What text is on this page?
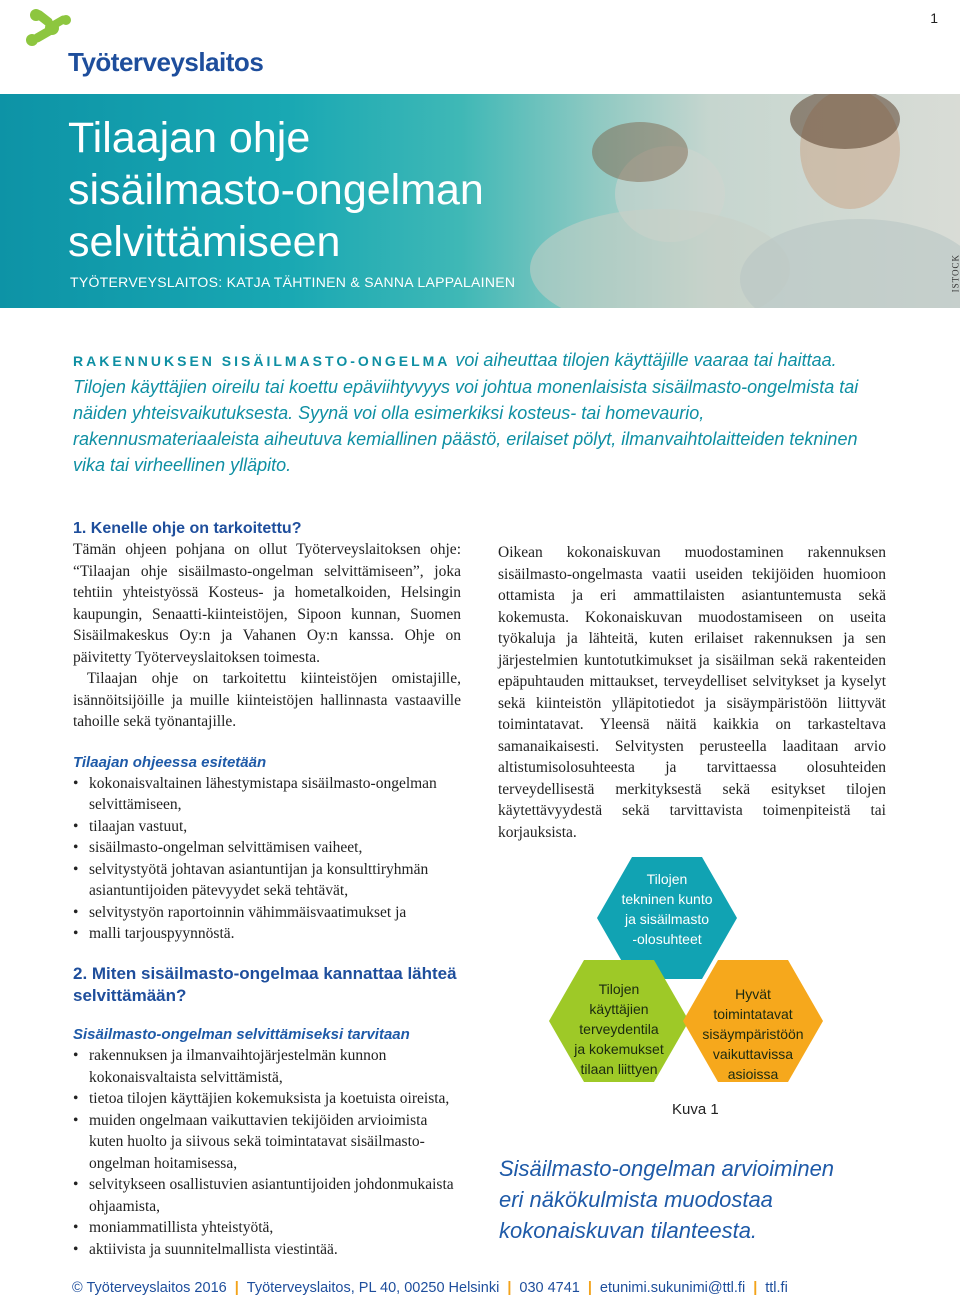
1
Työterveyslaitos
Tilaajan ohje
sisäilmasto-ongelman
selvittämiseen
TYÖTERVEYSLAITOS: KATJA TÄHTINEN & SANNA LAPPALAINEN	ISTOCK
RAKENNUKSEN SISÄILMASTO-ONGELMA voi aiheuttaa tilojen käyttäjille vaaraa tai haittaa. Tilojen käyttäjien oireilu tai koettu epäviihtyvyys voi johtua monenlaisista sisäilmasto-ongelmista tai näiden yhteisvaikutuksesta. Syynä voi olla esimerkiksi kosteus- tai homevaurio, rakennusmateriaaleista aiheutuva kemiallinen päästö, erilaiset pölyt, ilmanvaihtolaitteiden tekninen vika tai virheellinen ylläpito.
1. Kenelle ohje on tarkoitettu?

Tämän ohjeen pohjana on ollut Työterveyslaitoksen ohje: “Tilaajan ohje sisäilmasto-ongelman selvittämiseen”, joka tehtiin yhteistyössä Kosteus- ja hometalkoiden, Helsingin kaupungin, Senaatti-kiinteistöjen, Sipoon kunnan, Suomen Sisäilmakeskus Oy:n ja Vahanen Oy:n kanssa. Ohje on päivitetty Työterveyslaitoksen toimesta.

Tilaajan ohje on tarkoitettu kiinteistöjen omistajille, isännöitsijöille ja muille kiinteistöjen hallinnasta vastaaville tahoille sekä työnantajille.

Tilaajan ohjeessa esitetään
• kokonaisvaltainen lähestymistapa sisäilmasto-ongelman selvittämiseen,
• tilaajan vastuut,
• sisäilmasto-ongelman selvittämisen vaiheet,
• selvitystyötä johtavan asiantuntijan ja konsulttiryhmän asiantuntijoiden pätevyydet sekä tehtävät,
• selvitystyön raportoinnin vähimmäisvaatimukset ja
• malli tarjouspyynnöstä.
2. Miten sisäilmasto-ongelmaa kannattaa lähteä selvittämään?
Sisäilmasto-ongelman selvittämiseksi tarvitaan
• rakennuksen ja ilmanvaihtojärjestelmän kunnon kokonaisvaltaista selvittämistä,
• tietoa tilojen käyttäjien kokemuksista ja koetuista oireista,
• muiden ongelmaan vaikuttavien tekijöiden arvioimista kuten huolto ja siivous sekä toimintatavat sisäilmasto-ongelman hoitamisessa,
• selvitykseen osallistuvien asiantuntijoiden johdonmukaista ohjaamista,
• moniammatillista yhteistyötä,
• aktiivista ja suunnitelmallista viestintää.

Oikean kokonaiskuvan muodostaminen rakennuksen sisäilmasto-ongelmasta vaatii useiden tekijöiden huomioon ottamista ja eri ammattilaisten asiantuntemusta sekä kokemusta. Kokonaiskuvan muodostamiseen on useita työkaluja ja lähteitä, kuten erilaiset rakennuksen ja sen järjestelmien kuntotutkimukset ja sisäilman sekä rakenteiden epäpuhtauden mittaukset, terveydelliset selvitykset ja kyselyt sekä kiinteistön ylläpitotiedot ja sisäympäristöön liittyvät toimintatavat. Yleensä näitä kaikkia on tarkasteltava samanaikaisesti. Selvitysten perusteella laaditaan arvio altistumisolosuhteesta ja tarvittaessa olosuhteiden terveydellisestä merkityksestä sekä esitykset tilojen käytettävyydestä sekä tarvittavista toimenpiteistä tai korjauksista.

Tilojen
tekninen kunto
ja sisäilmasto
-olosuhteet
Tilojen
käyttäjien
terveydentila
ja kokemukset
tilaan liittyen
Hyvät
toimintatavat
sisäympäristöön
vaikuttavissa
asioissa
Kuva 1
Sisäilmasto-ongelman arvioiminen eri näkökulmista muodostaa kokonaiskuvan tilanteesta.
© Työterveyslaitos 2016 | Työterveyslaitos, PL 40, 00250 Helsinki | 030 4741 | etunimi.sukunimi@ttl.fi | ttl.fi
